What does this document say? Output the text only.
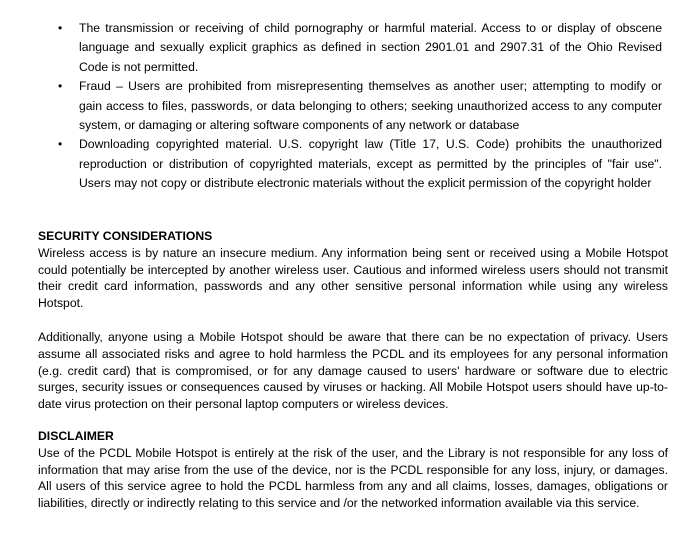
• The transmission or receiving of child pornography or harmful material. Access to or display of obscene language and sexually explicit graphics as defined in section 2901.01 and 2907.31 of the Ohio Revised Code is not permitted.
• Fraud – Users are prohibited from misrepresenting themselves as another user; attempting to modify or gain access to files, passwords, or data belonging to others; seeking unauthorized access to any computer system, or damaging or altering software components of any network or database
• Downloading copyrighted material. U.S. copyright law (Title 17, U.S. Code) prohibits the unauthorized reproduction or distribution of copyrighted materials, except as permitted by the principles of "fair use". Users may not copy or distribute electronic materials without the explicit permission of the copyright holder
SECURITY CONSIDERATIONS
Wireless access is by nature an insecure medium. Any information being sent or received using a Mobile Hotspot could potentially be intercepted by another wireless user. Cautious and informed wireless users should not transmit their credit card information, passwords and any other sensitive personal information while using any wireless Hotspot.
Additionally, anyone using a Mobile Hotspot should be aware that there can be no expectation of privacy. Users assume all associated risks and agree to hold harmless the PCDL and its employees for any personal information (e.g. credit card) that is compromised, or for any damage caused to users' hardware or software due to electric surges, security issues or consequences caused by viruses or hacking. All Mobile Hotspot users should have up-to-date virus protection on their personal laptop computers or wireless devices.
DISCLAIMER
Use of the PCDL Mobile Hotspot is entirely at the risk of the user, and the Library is not responsible for any loss of information that may arise from the use of the device, nor is the PCDL responsible for any loss, injury, or damages. All users of this service agree to hold the PCDL harmless from any and all claims, losses, damages, obligations or liabilities, directly or indirectly relating to this service and /or the networked information available via this service.
